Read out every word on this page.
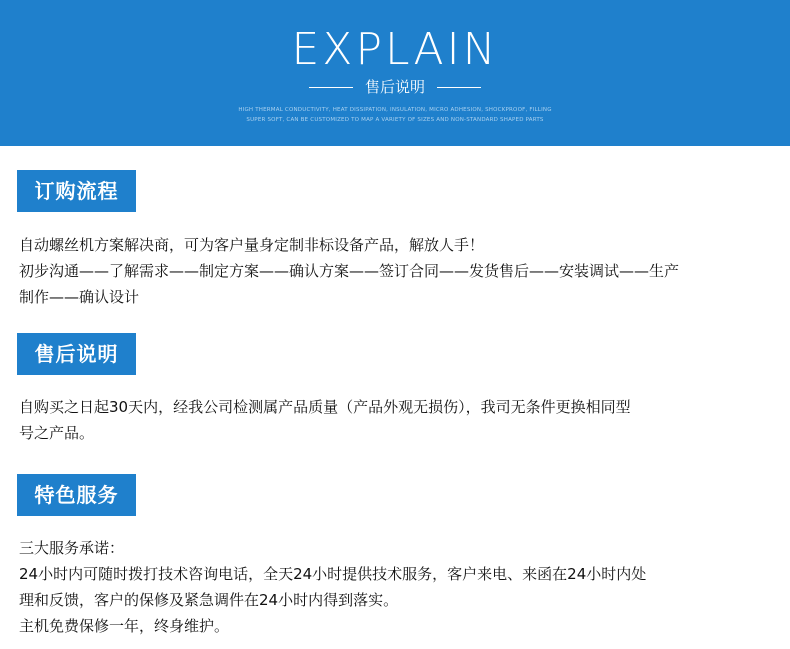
EXPLAIN
售后说明
HIGH THERMAL CONDUCTIVITY, HEAT DISSIPATION, INSULATION, MICRO ADHESION, SHOCKPROOF, FILLING
SUPER SOFT, CAN BE CUSTOMIZED TO MAP A VARIETY OF SIZES AND NON-STANDARD SHAPED PARTS
订购流程
自动螺丝机方案解决商，可为客户量身定制非标设备产品，解放人手！
初步沟通——了解需求——制定方案——确认方案——签订合同——发货售后——安装调试——生产
制作——确认设计
售后说明
自购买之日起30天内，经我公司检测属产品质量（产品外观无损伤），我司无条件更换相同型
号之产品。
特色服务
三大服务承诺：
24小时内可随时拨打技术咨询电话，全天24小时提供技术服务，客户来电、来函在24小时内处
理和反馈，客户的保修及紧急调件在24小时内得到落实。
主机免费保修一年，终身维护。
